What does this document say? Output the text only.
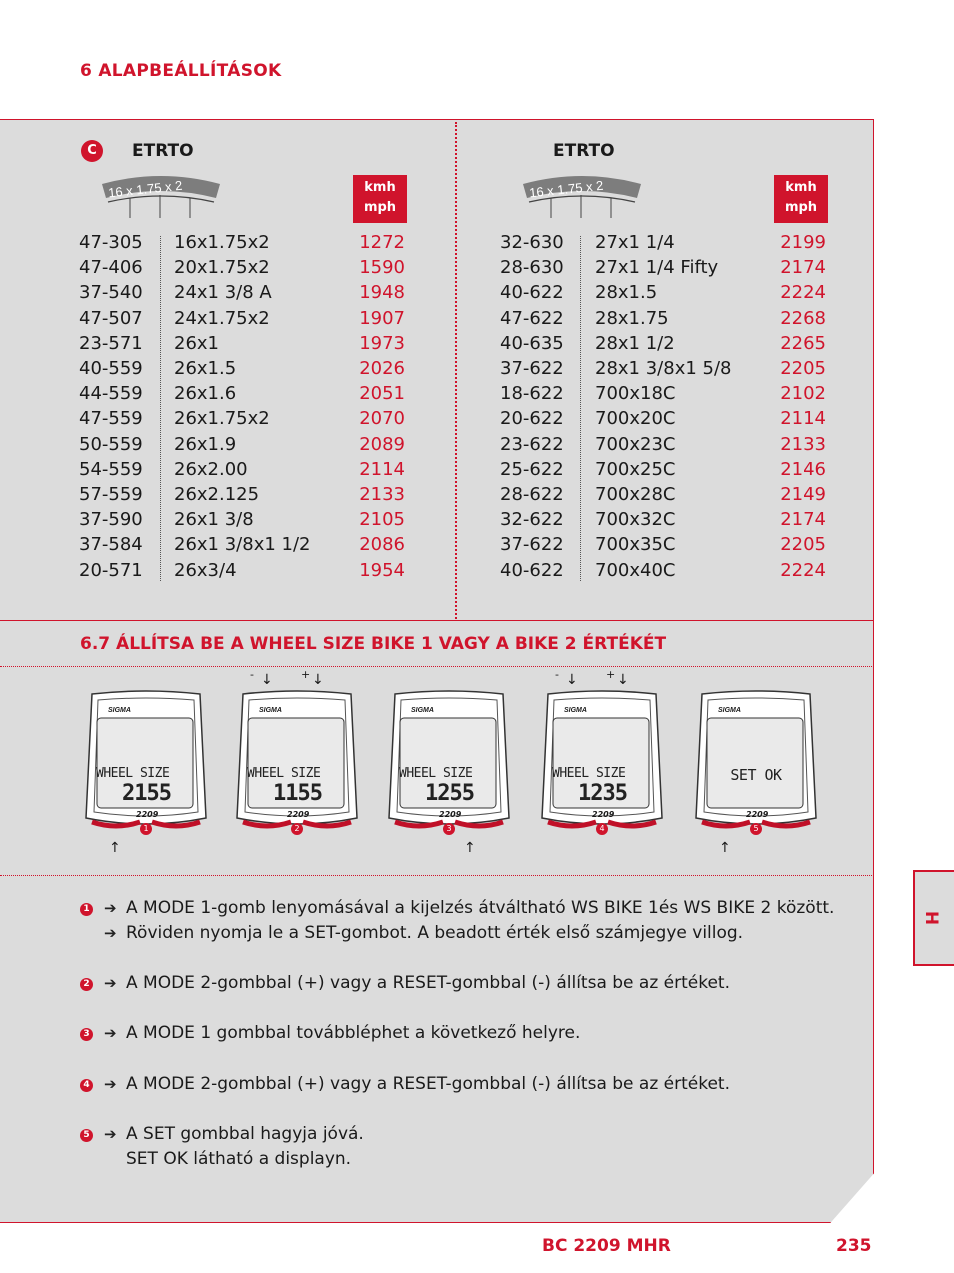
6 ALAPBEÁLLÍTÁSOK
C	ETRTO	ETRTO
16 x 1.75 x 2	16 x 1.75 x 2
kmh
mph
kmh
mph
47-305 16x1.75x2	1272
47-406 20x1.75x2	1590
37-540 24x1 3/8 A	1948
47-507 24x1.75x2	1907
23-571 26x1	1973
40-559 26x1.5	2026
44-559 26x1.6	2051
47-559 26x1.75x2	2070
50-559 26x1.9	2089
54-559 26x2.00	2114
57-559 26x2.125	2133
37-590 26x1 3/8	2105
37-584 26x1 3/8x1 1/2	2086
20-571 26x3/4	1954
32-630 27x1 1/4	2199
28-630 27x1 1/4 Fifty	2174
40-622 28x1.5	2224
47-622 28x1.75	2268
40-635 28x1 1/2	2265
37-622 28x1 3/8x1 5/8	2205
18-622 700x18C	2102
20-622 700x20C	2114
23-622 700x23C	2133
25-622 700x25C	2146
28-622 700x28C	2149
32-622 700x32C	2174
37-622 700x35C	2205
40-622 700x40C	2224
6.7 ÁLLÍTSA BE A WHEEL SIZE BIKE 1 VAGY A BIKE 2 ÉRTÉKÉT
SIGMA
WHEEL SIZE
2155
2209
1
↑
SIGMA
WHEEL SIZE
1155
2209
2
-	+
↓	↓
SIGMA
WHEEL SIZE
1255
2209
3
↑
SIGMA
WHEEL SIZE
1235
2209
4
-	+
↓	↓
SIGMA
SET OK
2209
5
↑
1 ➔ A MODE 1-gomb lenyomásával a kijelzés átváltható WS BIKE 1és WS BIKE 2 között.
➔ Röviden nyomja le a SET-gombot. A beadott érték első számjegye villog.
2 ➔ A MODE 2-gombbal (+) vagy a RESET-gombbal (-) állítsa be az értéket.
3 ➔ A MODE 1 gombbal továbbléphet a következő helyre.
4 ➔ A MODE 2-gombbal (+) vagy a RESET-gombbal (-) állítsa be az értéket.
5 ➔ A SET gombbal hagyja jóvá.
SET OK látható a displayn.
H
BC 2209 MHR	235
